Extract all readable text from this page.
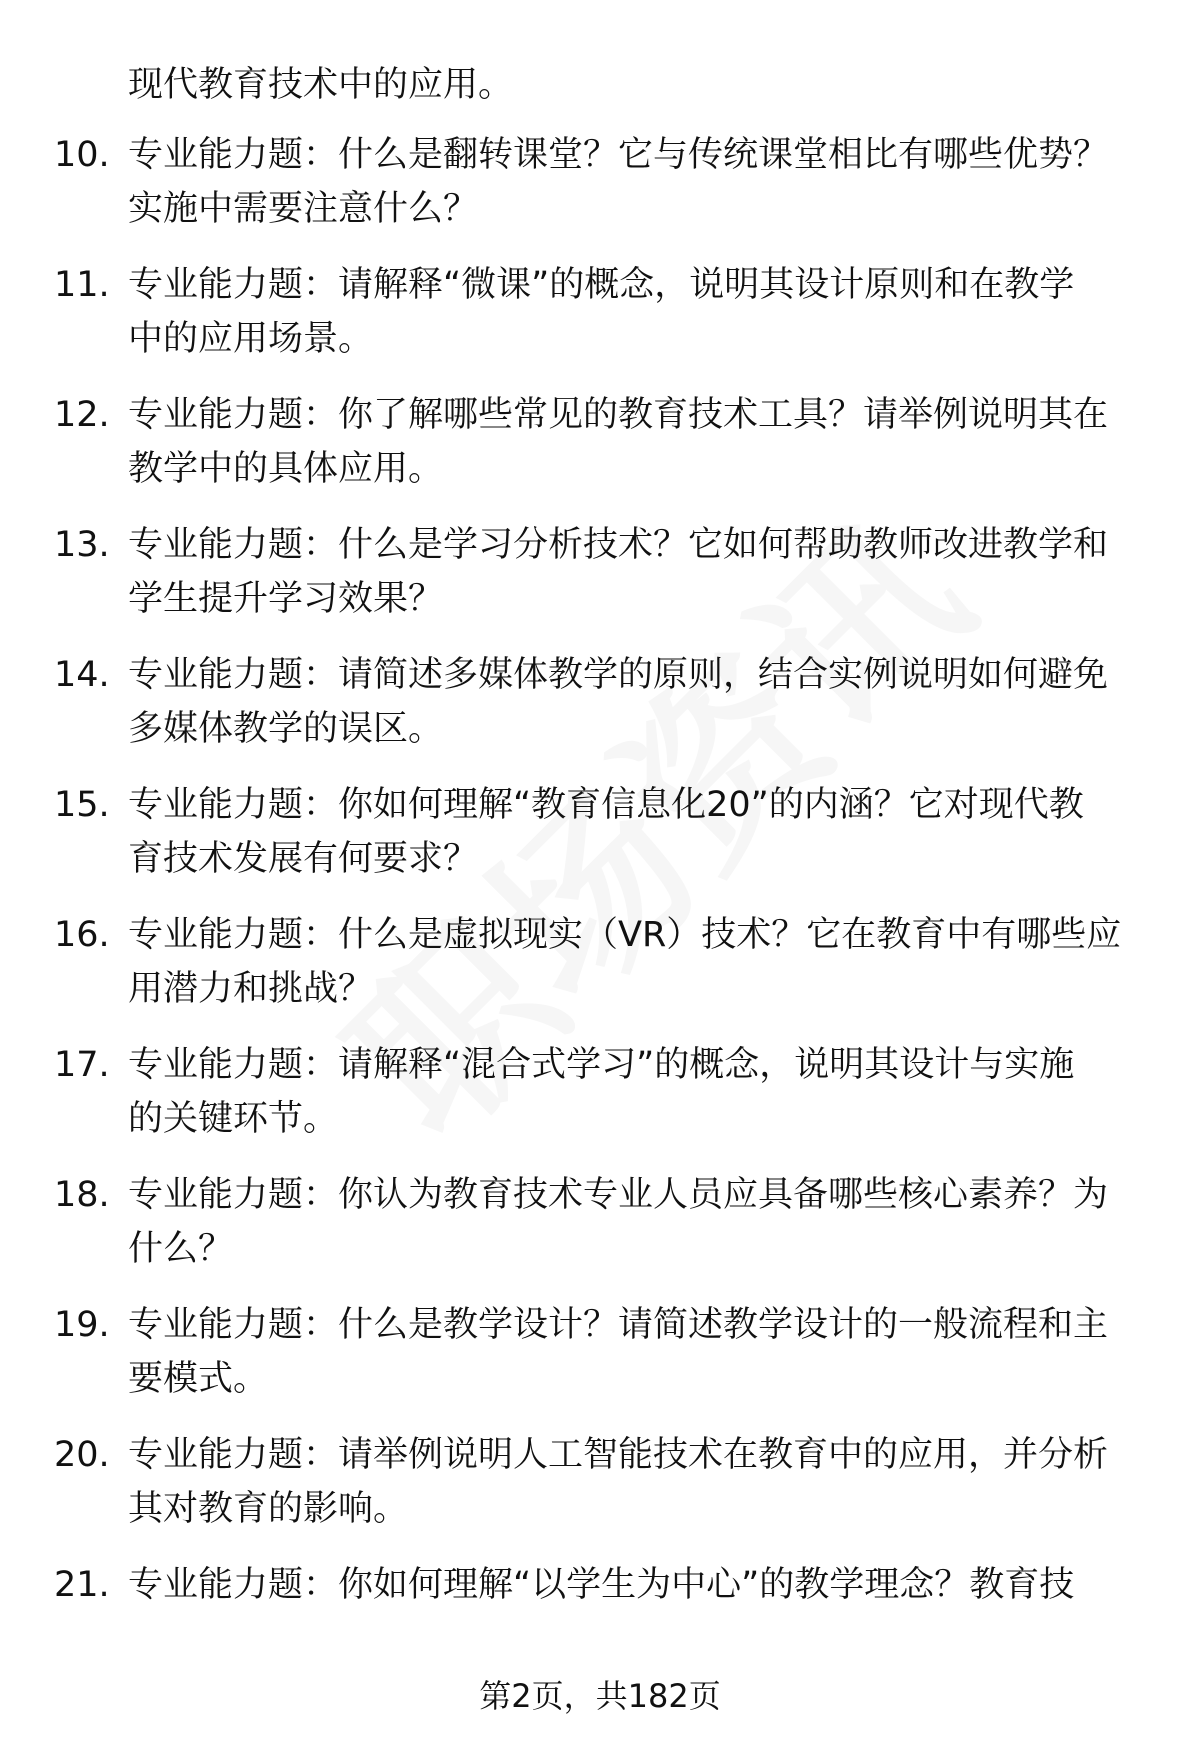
现代教育技术中的应用。
10. 专业能力题：什么是翻转课堂？它与传统课堂相比有哪些优势？
实施中需要注意什么？
11. 专业能力题：请解释“微课”的概念，说明其设计原则和在教学
中的应用场景。
12. 专业能力题：你了解哪些常见的教育技术工具？请举例说明其在
教学中的具体应用。
13. 专业能力题：什么是学习分析技术？它如何帮助教师改进教学和
学生提升学习效果？
14. 专业能力题：请简述多媒体教学的原则，结合实例说明如何避免
多媒体教学的误区。
15. 专业能力题：你如何理解“教育信息化20”的内涵？它对现代教
育技术发展有何要求？
16. 专业能力题：什么是虚拟现实（VR）技术？它在教育中有哪些应
用潜力和挑战？
17. 专业能力题：请解释“混合式学习”的概念，说明其设计与实施
的关键环节。
18. 专业能力题：你认为教育技术专业人员应具备哪些核心素养？为
什么？
19. 专业能力题：什么是教学设计？请简述教学设计的一般流程和主
要模式。
20. 专业能力题：请举例说明人工智能技术在教育中的应用，并分析
其对教育的影响。
21. 专业能力题：你如何理解“以学生为中心”的教学理念？教育技
第2页，共182页
